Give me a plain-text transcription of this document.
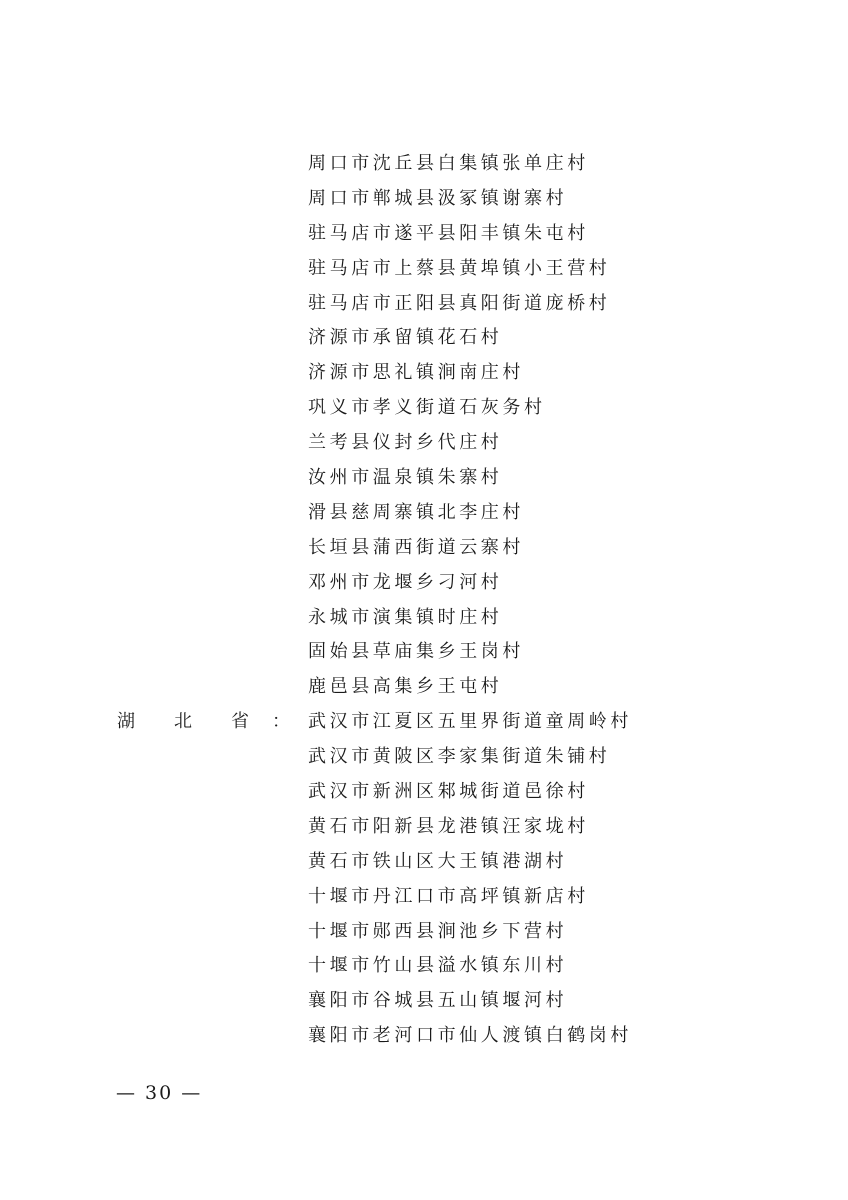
周口市沈丘县白集镇张单庄村
周口市郸城县汲冢镇谢寨村
驻马店市遂平县阳丰镇朱屯村
驻马店市上蔡县黄埠镇小王营村
驻马店市正阳县真阳街道庞桥村
济源市承留镇花石村
济源市思礼镇涧南庄村
巩义市孝义街道石灰务村
兰考县仪封乡代庄村
汝州市温泉镇朱寨村
滑县慈周寨镇北李庄村
长垣县蒲西街道云寨村
邓州市龙堰乡刁河村
永城市演集镇时庄村
固始县草庙集乡王岗村
鹿邑县高集乡王屯村
武汉市江夏区五里界街道童周岭村
武汉市黄陂区李家集街道朱铺村
武汉市新洲区邾城街道邑徐村
黄石市阳新县龙港镇汪家垅村
黄石市铁山区大王镇港湖村
十堰市丹江口市高坪镇新店村
十堰市郧西县涧池乡下营村
十堰市竹山县溢水镇东川村
襄阳市谷城县五山镇堰河村
襄阳市老河口市仙人渡镇白鹤岗村
湖 北 省 ：
— 30 —
